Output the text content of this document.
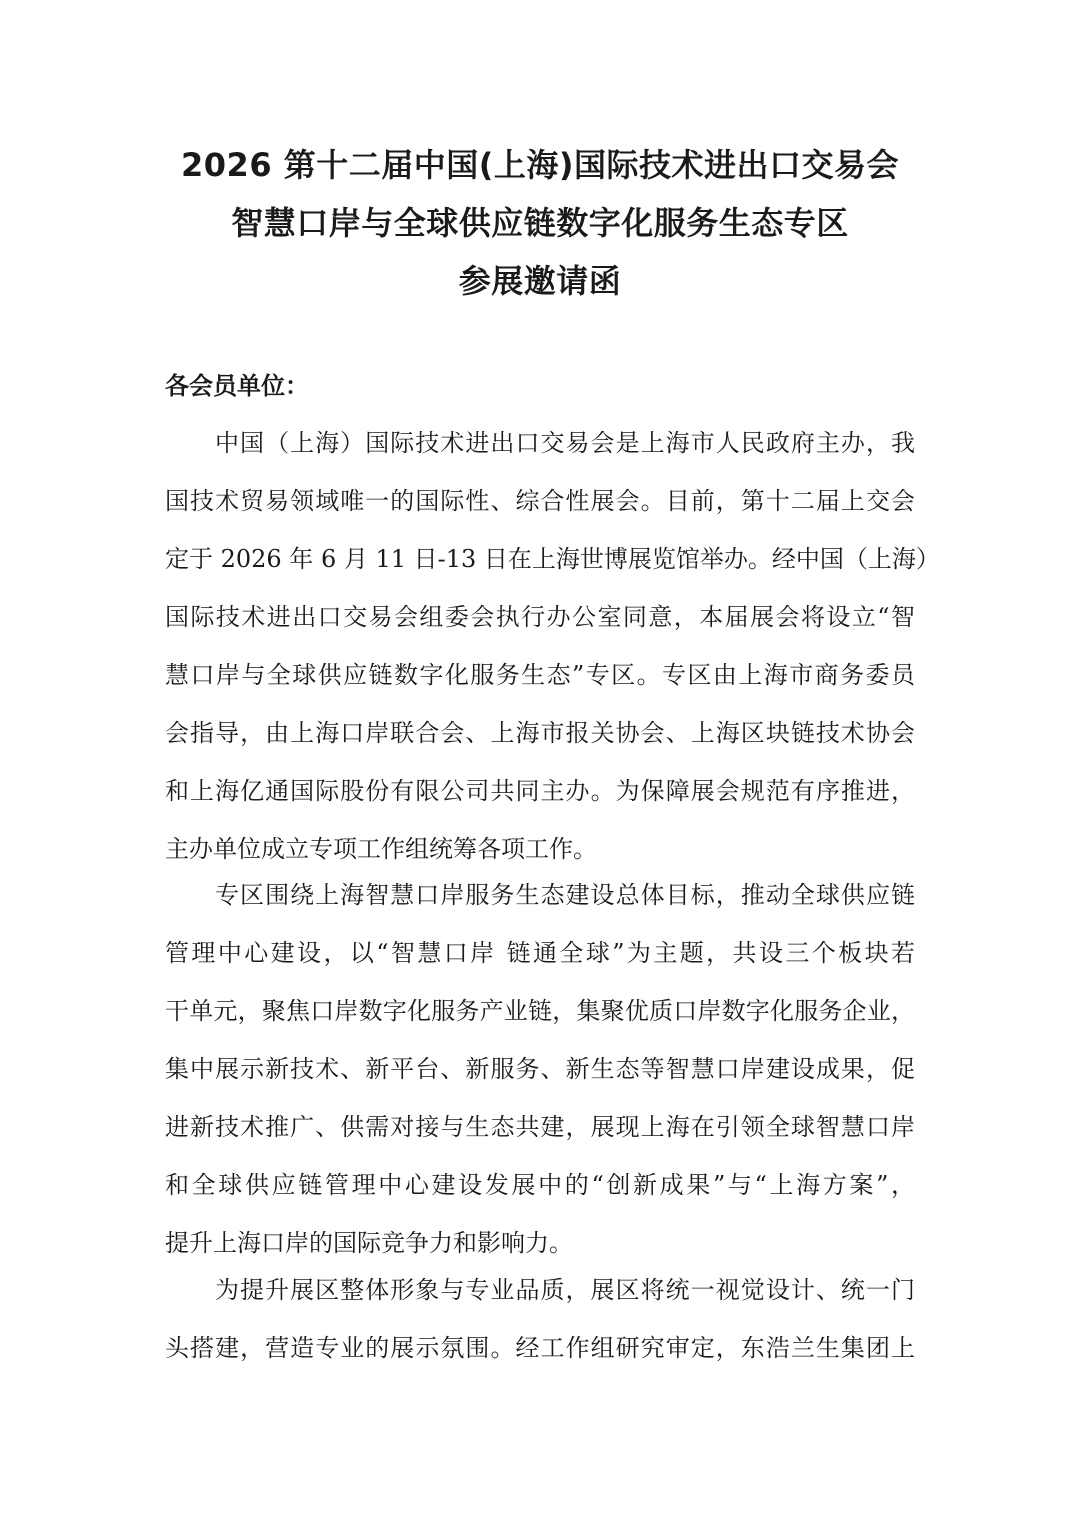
2026 第十二届中国(上海)国际技术进出口交易会
智慧口岸与全球供应链数字化服务生态专区
参展邀请函
各会员单位：
中国（上海）国际技术进出口交易会是上海市人民政府主办，我
国技术贸易领域唯一的国际性、综合性展会。目前，第十二届上交会
定于 2026 年 6 月 11 日-13 日在上海世博展览馆举办。经中国（上海）
国际技术进出口交易会组委会执行办公室同意，本届展会将设立“智
慧口岸与全球供应链数字化服务生态”专区。专区由上海市商务委员
会指导，由上海口岸联合会、上海市报关协会、上海区块链技术协会
和上海亿通国际股份有限公司共同主办。为保障展会规范有序推进，
主办单位成立专项工作组统筹各项工作。
专区围绕上海智慧口岸服务生态建设总体目标，推动全球供应链
管理中心建设，以“智慧口岸 链通全球”为主题，共设三个板块若
干单元，聚焦口岸数字化服务产业链，集聚优质口岸数字化服务企业，
集中展示新技术、新平台、新服务、新生态等智慧口岸建设成果，促
进新技术推广、供需对接与生态共建，展现上海在引领全球智慧口岸
和全球供应链管理中心建设发展中的“创新成果”与“上海方案”，
提升上海口岸的国际竞争力和影响力。
为提升展区整体形象与专业品质，展区将统一视觉设计、统一门
头搭建，营造专业的展示氛围。经工作组研究审定，东浩兰生集团上
